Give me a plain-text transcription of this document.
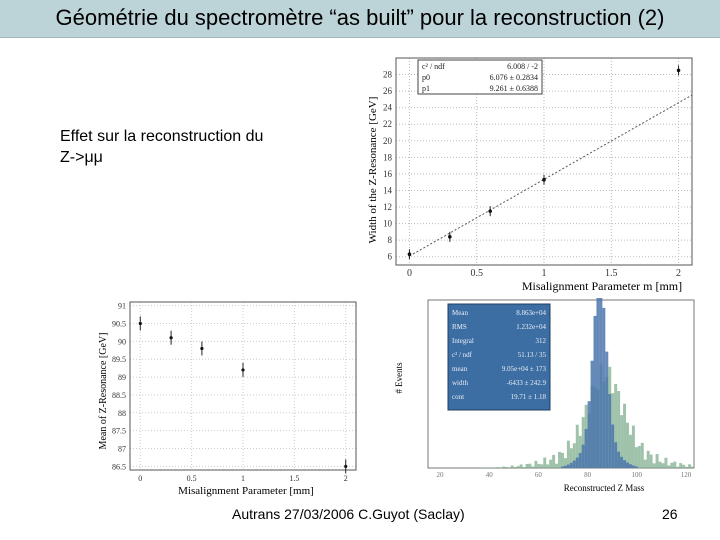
Géométrie du spectromètre “as built” pour la reconstruction (2)
Effet sur la reconstruction du
Z->μμ
6
8
10
12
14
16
18
20
22
24
26
28
0	0.5	1	1.5	2
c² / ndf	6.008 / -2
p0	6.076 ± 0.2834
p1	9.261 ± 0.6388
Width of the Z-Resonance [GeV]
Misalignment Parameter m [mm]
86.5
87
87.5
88
88.5
89
89.5
90
90.5
91
0	0.5	1	1.5	2
Mean of Z-Resonance [GeV]
Misalignment Parameter [mm]
Mean	8.863e+04
RMS	1.232e+04
Integral	312
c² / ndf	51.13 / 35
mean	9.05e+04 ± 173
width	-6433 ± 242.9
cont	19.71 ± 1.18
20	40	60	80	100	120
# Events
Reconstructed Z Mass
Autrans 27/03/2006 C.Guyot (Saclay)	26
